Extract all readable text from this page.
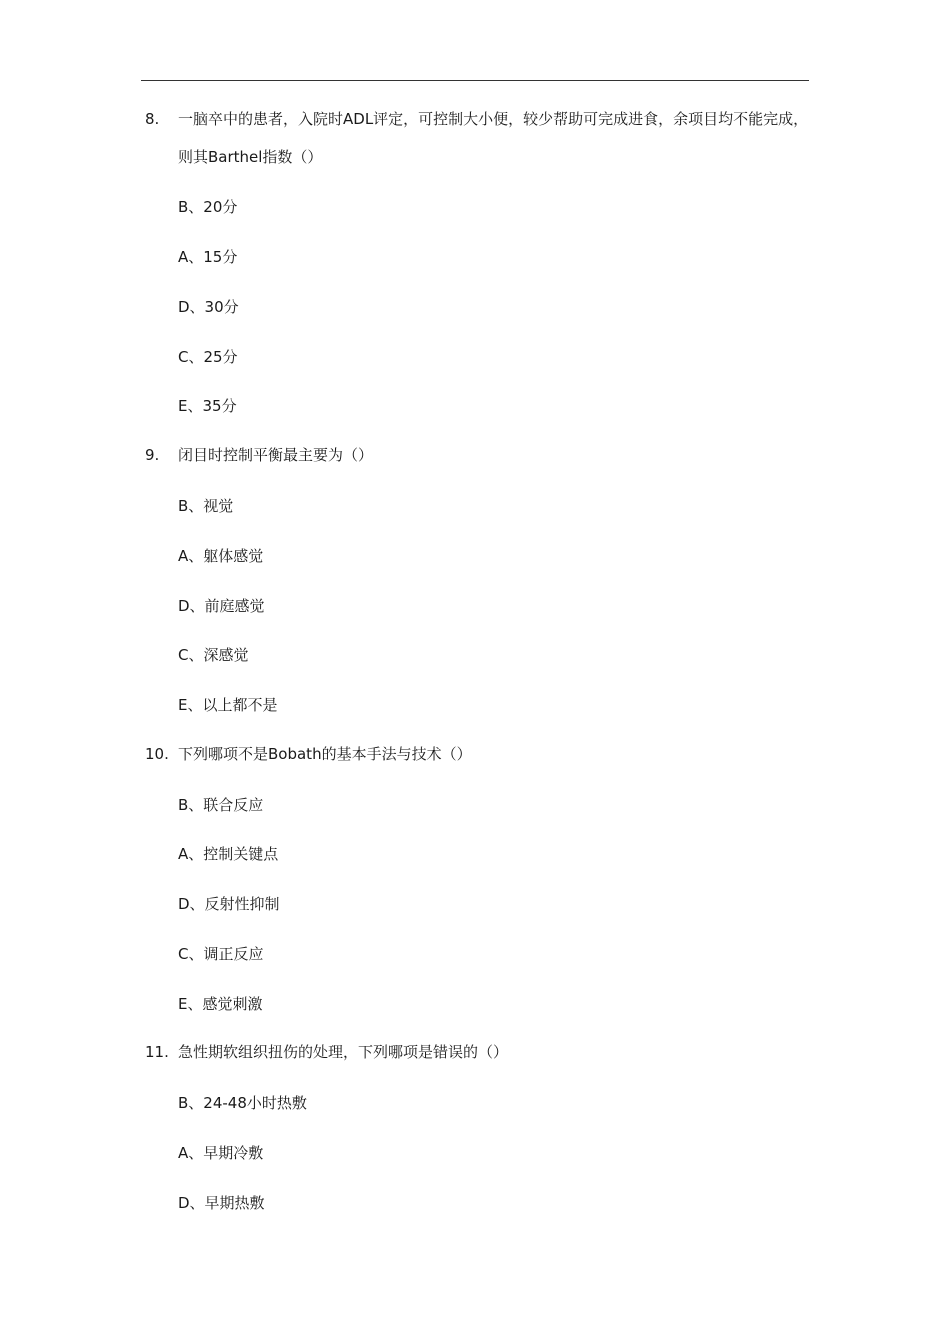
8.	一脑卒中的患者，入院时ADL评定，可控制大小便，较少帮助可完成进食，余项目均不能完成，则其Barthel指数（）
B、20分
A、15分
D、30分
C、25分
E、35分
9.	闭目时控制平衡最主要为（）
B、视觉
A、躯体感觉
D、前庭感觉
C、深感觉
E、以上都不是
10. 下列哪项不是Bobath的基本手法与技术（）
B、联合反应
A、控制关键点
D、反射性抑制
C、调正反应
E、感觉刺激
11. 急性期软组织扭伤的处理，下列哪项是错误的（）
B、24-48小时热敷
A、早期冷敷
D、早期热敷
